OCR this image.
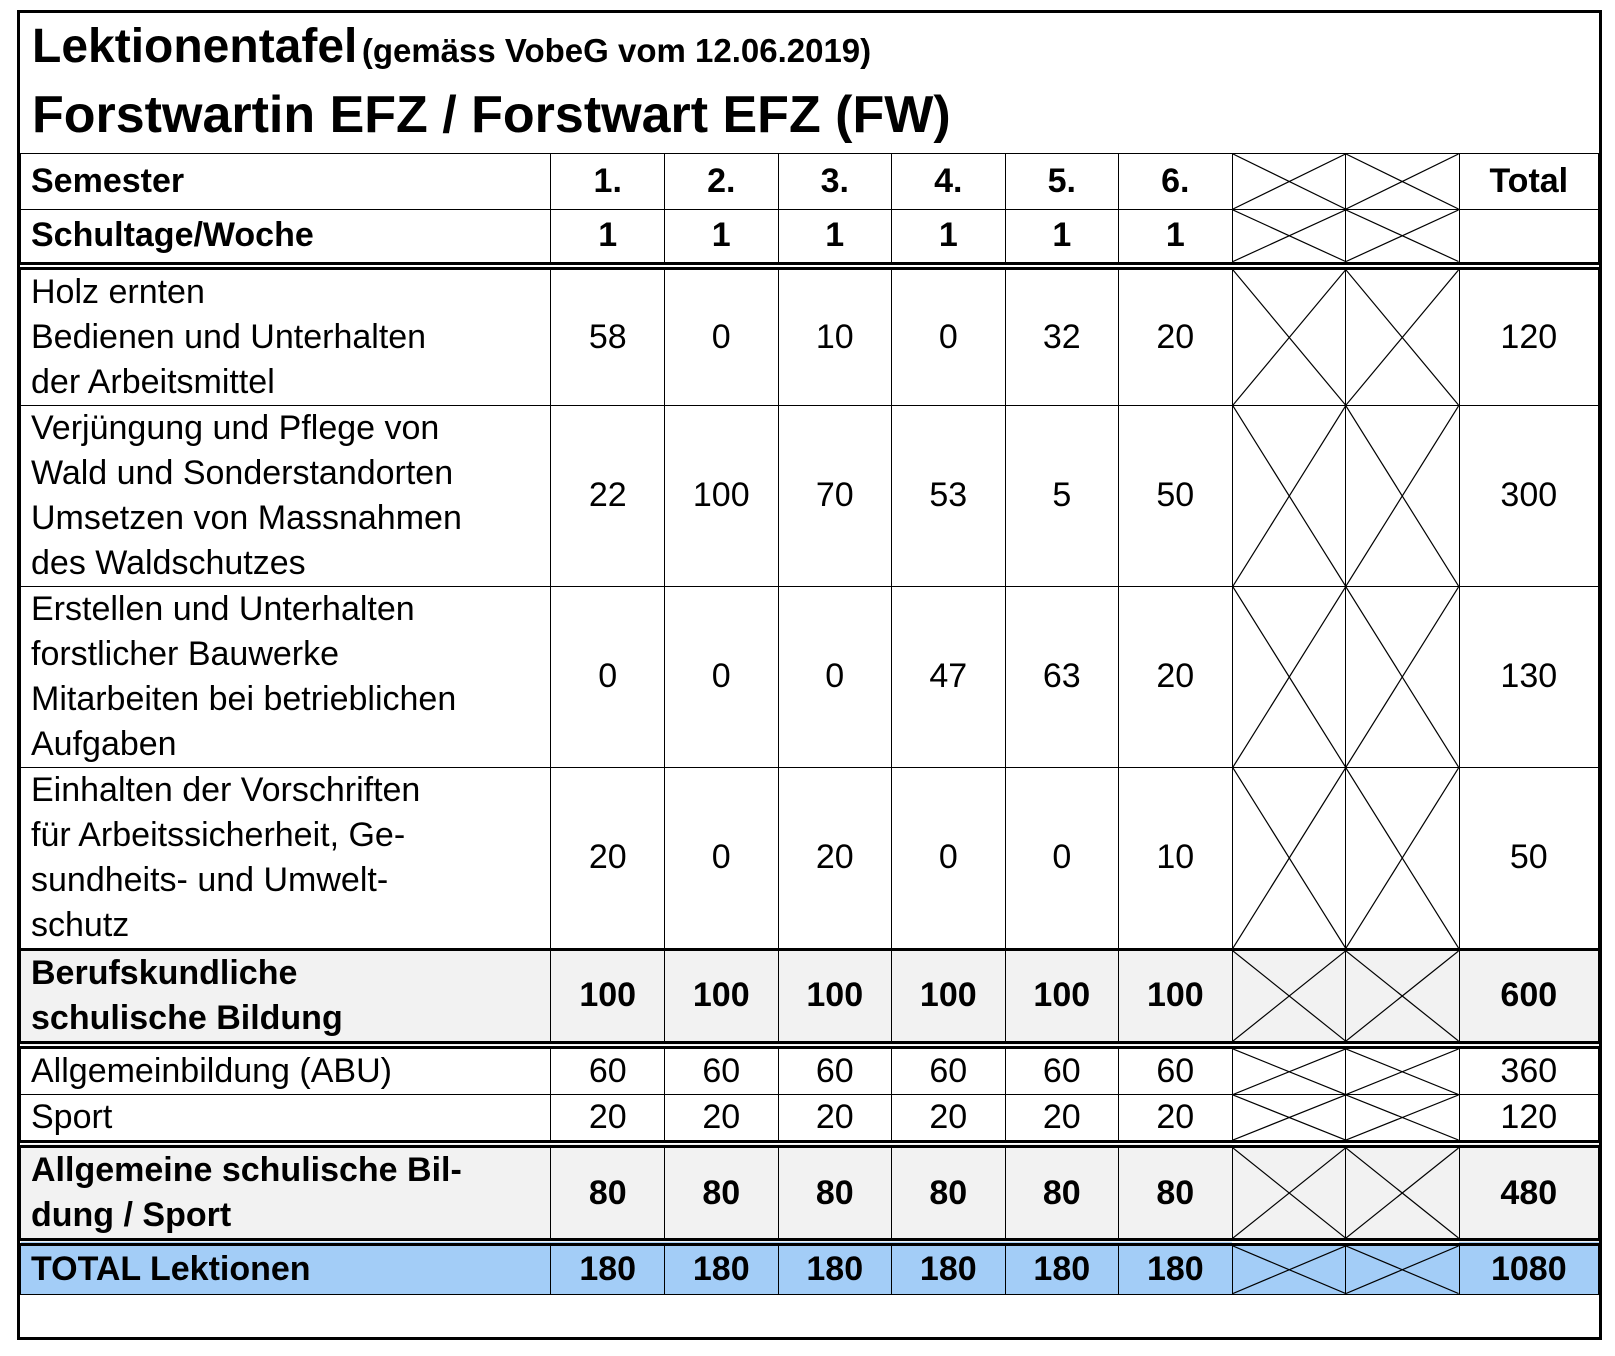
Lektionentafel (gemäss VobeG vom 12.06.2019)
Forstwartin EFZ / Forstwart EFZ (FW)
Semester	1.	2.	3.	4.	5.	6.			Total
Schultage/Woche	1	1	1	1	1	1	

Holz ernten
Bedienen und Unterhalten
der Arbeitsmittel	58	0	10	0	32	20			120

Verjüngung und Pflege von
Wald und Sonderstandorten
Umsetzen von Massnahmen
des Waldschutzes	22	100	70	53	5	50			300

Erstellen und Unterhalten
forstlicher Bauwerke
Mitarbeiten bei betrieblichen
Aufgaben	0	0	0	47	63	20			130

Einhalten der Vorschriften
für Arbeitssicherheit, Ge-
sundheits- und Umwelt-
schutz	20	0	20	0	0	10			50

Berufskundliche
schulische Bildung	100	100	100	100	100	100			600
Allgemeinbildung (ABU)	60	60	60	60	60	60			360
Sport	20	20	20	20	20	20			120

Allgemeine schulische Bil-
dung / Sport	80	80	80	80	80	80			480
TOTAL Lektionen	180	180	180	180	180	180			1080
